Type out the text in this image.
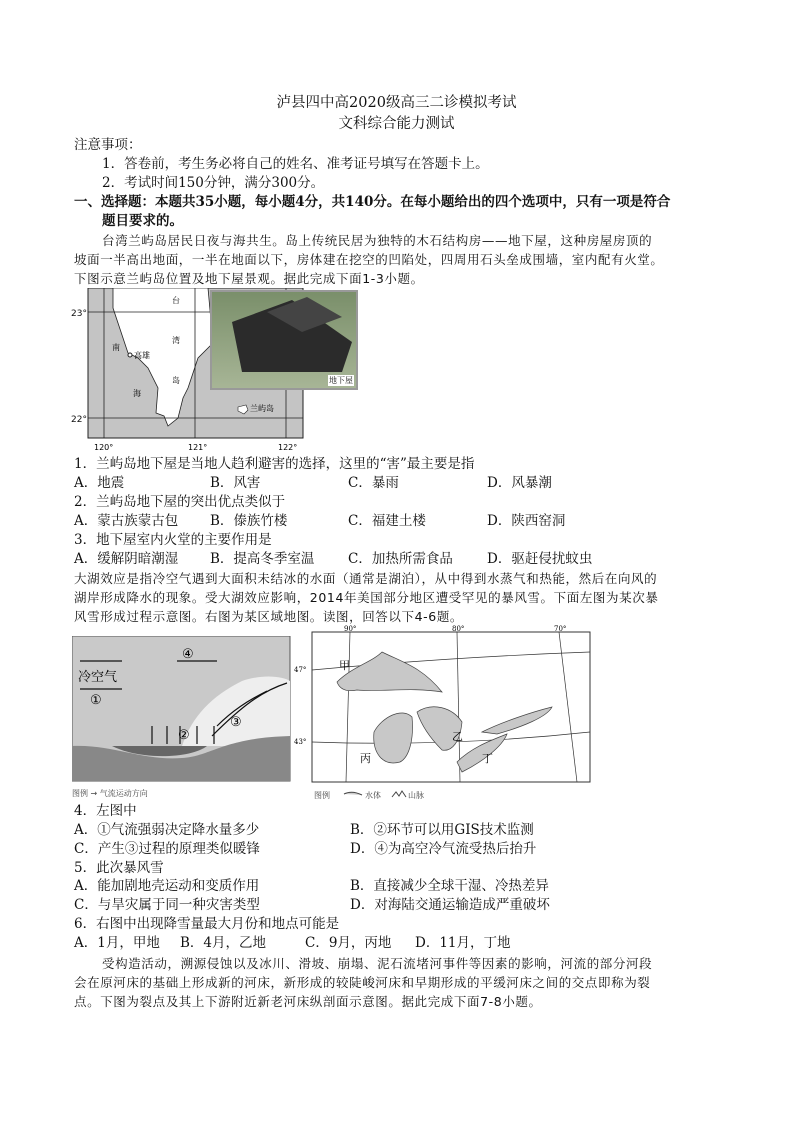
泸县四中高2020级高三二诊模拟考试
文科综合能力测试
注意事项：
1．答卷前，考生务必将自己的姓名、准考证号填写在答题卡上。
2．考试时间150分钟，满分300分。
一、选择题：本题共35小题，每小题4分，共140分。在每小题给出的四个选项中，只有一项是符合
题目要求的。
台湾兰屿岛居民日夜与海共生。岛上传统民居为独特的木石结构房——地下屋，这种房屋房顶的
坡面一半高出地面，一半在地面以下，房体建在挖空的凹陷处，四周用石头垒成围墙，室内配有火堂。
下图示意兰屿岛位置及地下屋景观。据此完成下面1-3小题。
台
湾
岛
南
海
高雄
兰屿岛
23°
22°
120°	121°	122°
地下屋
1．兰屿岛地下屋是当地人趋利避害的选择，这里的“害”最主要是指
A．地震	B．风害	C．暴雨	D．风暴潮
2．兰屿岛地下屋的突出优点类似于
A．蒙古族蒙古包 B．傣族竹楼	C．福建土楼	D．陕西窑洞
3．地下屋室内火堂的主要作用是
A．缓解阴暗潮湿 B．提高冬季室温 C．加热所需食品	D．驱赶侵扰蚊虫
大湖效应是指冷空气遇到大面积未结冰的水面（通常是湖泊），从中得到水蒸气和热能，然后在向风的
湖岸形成降水的现象。受大湖效应影响，2014年美国部分地区遭受罕见的暴风雪。下面左图为某次暴
风雪形成过程示意图。右图为某区域地图。读图，回答以下4-6题。
冷空气
①
②
③
④
图例 → 气流运动方向
甲
乙
丙	丁
90°	80°	70°
47°
43°
图例	水体	山脉
4．左图中
A．①气流强弱决定降水量多少	B．②环节可以用GIS技术监测
C．产生③过程的原理类似暖锋	D．④为高空冷气流受热后抬升
5．此次暴风雪
A．能加剧地壳运动和变质作用	B．直接减少全球干湿、冷热差异
C．与旱灾属于同一种灾害类型	D．对海陆交通运输造成严重破坏
6．右图中出现降雪量最大月份和地点可能是
A．1月，甲地 B．4月，乙地	C．9月，丙地 D．11月，丁地
受构造活动，溯源侵蚀以及冰川、滑坡、崩塌、泥石流堵河事件等因素的影响，河流的部分河段
会在原河床的基础上形成新的河床，新形成的较陡峻河床和早期形成的平缓河床之间的交点即称为裂
点。下图为裂点及其上下游附近新老河床纵剖面示意图。据此完成下面7-8小题。
